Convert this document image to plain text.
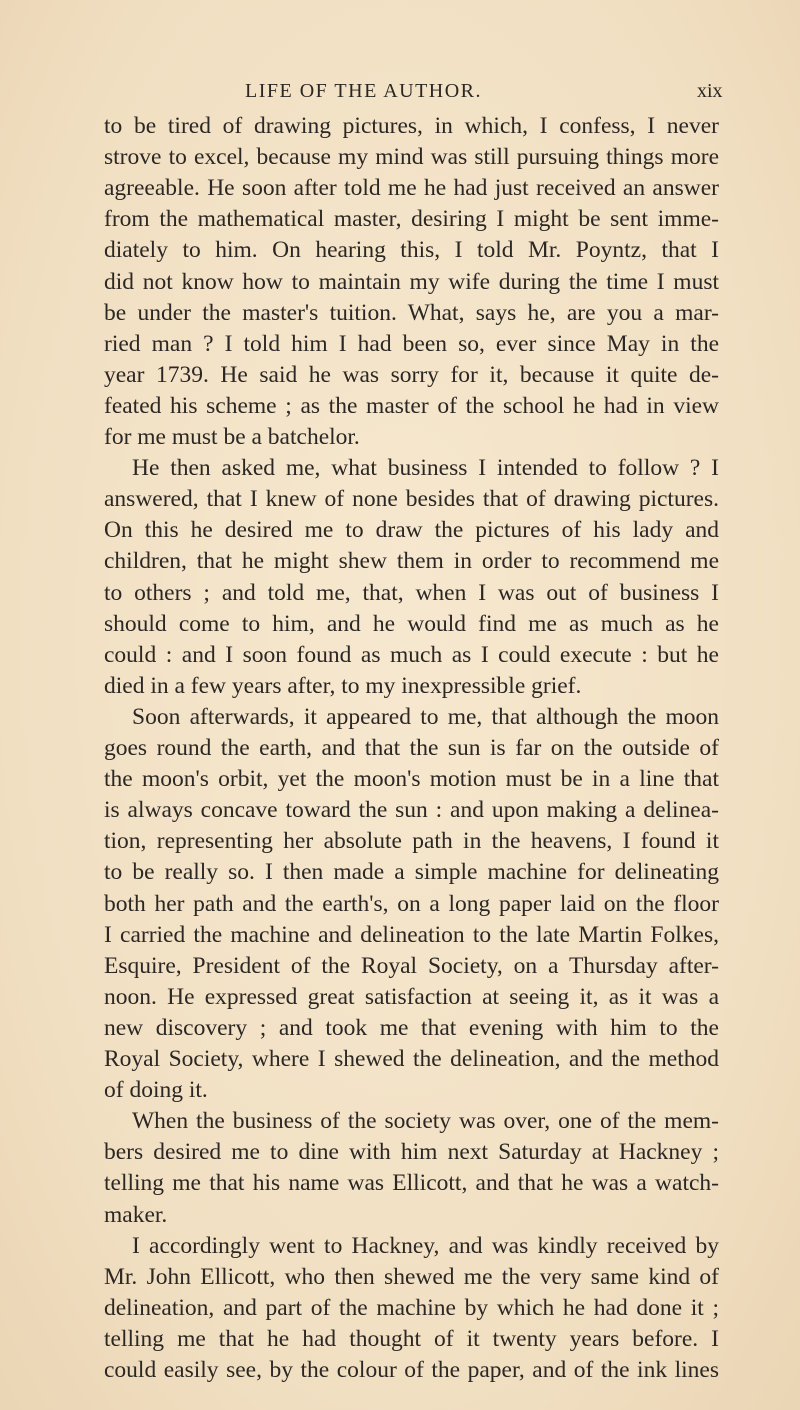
LIFE OF THE AUTHOR.	xix
to be tired of drawing pictures, in which, I confess, I never
strove to excel, because my mind was still pursuing things more
agreeable. He soon after told me he had just received an answer
from the mathematical master, desiring I might be sent imme-
diately to him. On hearing this, I told Mr. Poyntz, that I
did not know how to maintain my wife during the time I must
be under the master's tuition. What, says he, are you a mar-
ried man ? I told him I had been so, ever since May in the
year 1739. He said he was sorry for it, because it quite de-
feated his scheme ; as the master of the school he had in view
for me must be a batchelor.
He then asked me, what business I intended to follow ? I
answered, that I knew of none besides that of drawing pictures.
On this he desired me to draw the pictures of his lady and
children, that he might shew them in order to recommend me
to others ; and told me, that, when I was out of business I
should come to him, and he would find me as much as he
could : and I soon found as much as I could execute : but he
died in a few years after, to my inexpressible grief.
Soon afterwards, it appeared to me, that although the moon
goes round the earth, and that the sun is far on the outside of
the moon's orbit, yet the moon's motion must be in a line that
is always concave toward the sun : and upon making a delinea-
tion, representing her absolute path in the heavens, I found it
to be really so. I then made a simple machine for delineating
both her path and the earth's, on a long paper laid on the floor
I carried the machine and delineation to the late Martin Folkes,
Esquire, President of the Royal Society, on a Thursday after-
noon. He expressed great satisfaction at seeing it, as it was a
new discovery ; and took me that evening with him to the
Royal Society, where I shewed the delineation, and the method
of doing it.
When the business of the society was over, one of the mem-
bers desired me to dine with him next Saturday at Hackney ;
telling me that his name was Ellicott, and that he was a watch-
maker.
I accordingly went to Hackney, and was kindly received by
Mr. John Ellicott, who then shewed me the very same kind of
delineation, and part of the machine by which he had done it ;
telling me that he had thought of it twenty years before. I
could easily see, by the colour of the paper, and of the ink lines
